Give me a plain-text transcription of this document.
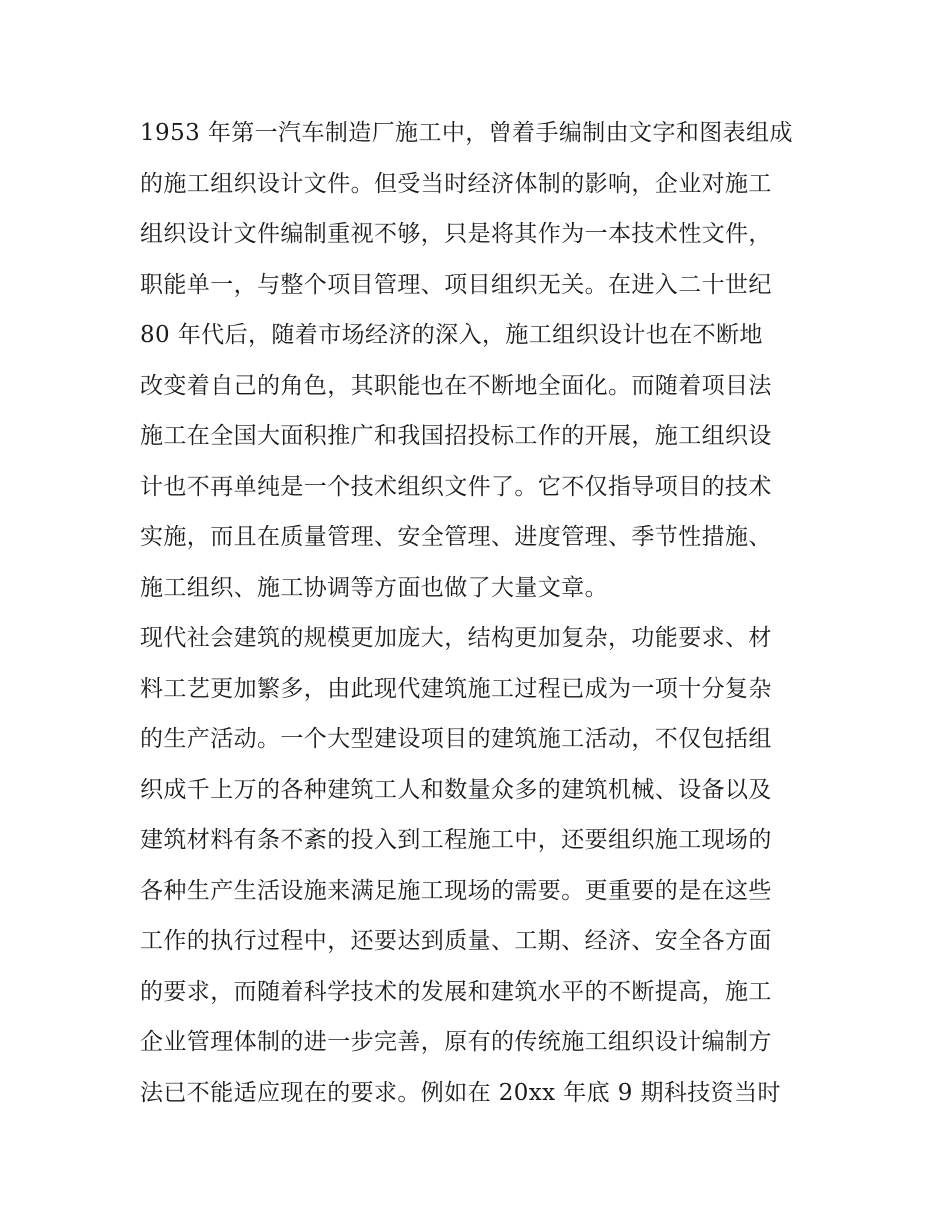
1953 年第一汽车制造厂施工中，曾着手编制由文字和图表组成
的施工组织设计文件。但受当时经济体制的影响，企业对施工
组织设计文件编制重视不够，只是将其作为一本技术性文件，
职能单一，与整个项目管理、项目组织无关。在进入二十世纪
80 年代后，随着市场经济的深入，施工组织设计也在不断地
改变着自己的角色，其职能也在不断地全面化。而随着项目法
施工在全国大面积推广和我国招投标工作的开展，施工组织设
计也不再单纯是一个技术组织文件了。它不仅指导项目的技术
实施，而且在质量管理、安全管理、进度管理、季节性措施、
施工组织、施工协调等方面也做了大量文章。
现代社会建筑的规模更加庞大，结构更加复杂，功能要求、材
料工艺更加繁多，由此现代建筑施工过程已成为一项十分复杂
的生产活动。一个大型建设项目的建筑施工活动，不仅包括组
织成千上万的各种建筑工人和数量众多的建筑机械、设备以及
建筑材料有条不紊的投入到工程施工中，还要组织施工现场的
各种生产生活设施来满足施工现场的需要。更重要的是在这些
工作的执行过程中，还要达到质量、工期、经济、安全各方面
的要求，而随着科学技术的发展和建筑水平的不断提高，施工
企业管理体制的进一步完善，原有的传统施工组织设计编制方
法已不能适应现在的要求。例如在 20xx 年底 9 期科技资当时
